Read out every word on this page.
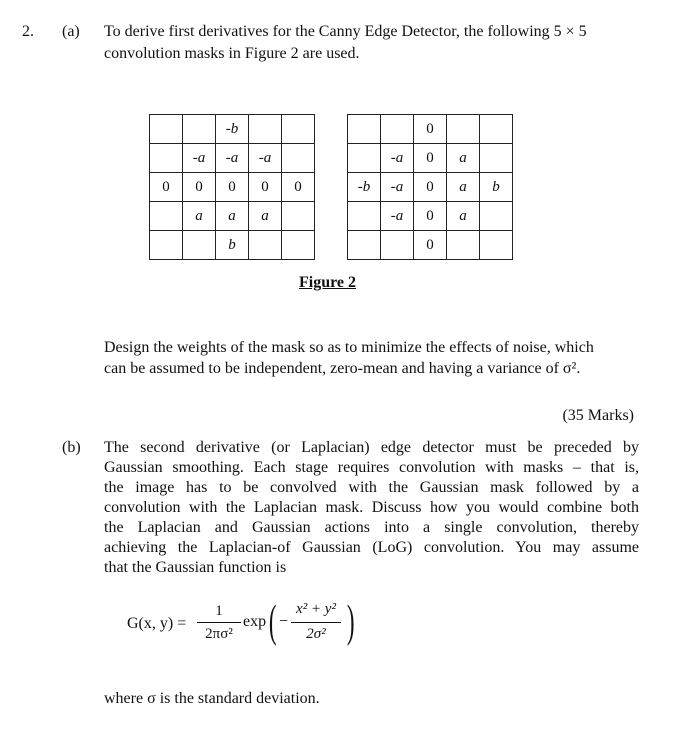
2. (a) To derive first derivatives for the Canny Edge Detector, the following 5 × 5
convolution masks in Figure 2 are used.
		-b		
	-a	-a	-a	
0	0	0	0	0
	a	a	a	
		b		
		0		
	-a	0	a	
-b	-a	0	a	b
	-a	0	a	
		0		
Figure 2
Design the weights of the mask so as to minimize the effects of noise, which
can be assumed to be independent, zero-mean and having a variance of σ².
(35 Marks)
(b) The second derivative (or Laplacian) edge detector must be preceded by
Gaussian smoothing. Each stage requires convolution with masks – that is,
the image has to be convolved with the Gaussian mask followed by a
convolution with the Laplacian mask. Discuss how you would combine both
the Laplacian and Gaussian actions into a single convolution, thereby
achieving the Laplacian-of Gaussian (LoG) convolution. You may assume
that the Gaussian function is
G(x, y) =
1
2πσ²
exp ( −
x² + y²
2σ² )
where σ is the standard deviation.
